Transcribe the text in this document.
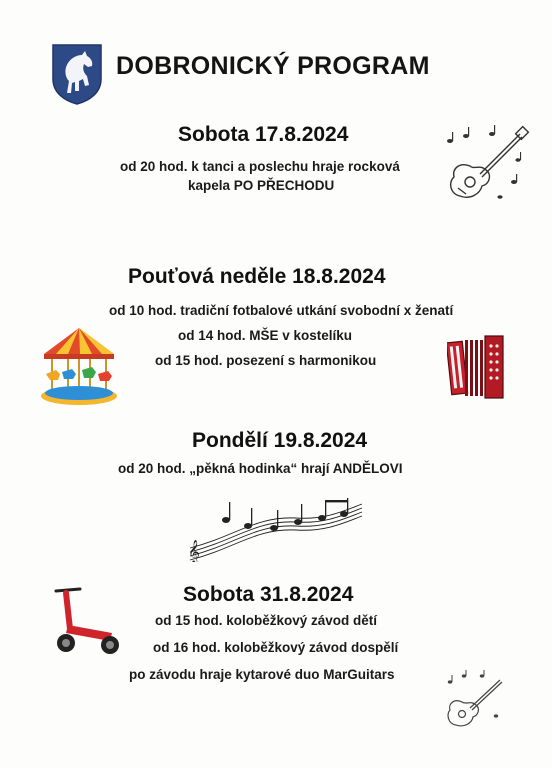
DOBRONICKÝ PROGRAM
Sobota 17.8.2024
od 20 hod. k tanci a poslechu hraje rocková
kapela PO PŘECHODU
Pouťová neděle 18.8.2024
od 10 hod. tradiční fotbalové utkání svobodní x ženatí
od 14 hod. MŠE v kostelíku
od 15 hod. posezení s harmonikou
Pondělí 19.8.2024
od 20 hod. „pěkná hodinka“ hrají ANDĚLOVI
𝄞
Sobota 31.8.2024
od 15 hod. koloběžkový závod dětí
od 16 hod. koloběžkový závod dospělí
po závodu hraje kytarové duo MarGuitars
